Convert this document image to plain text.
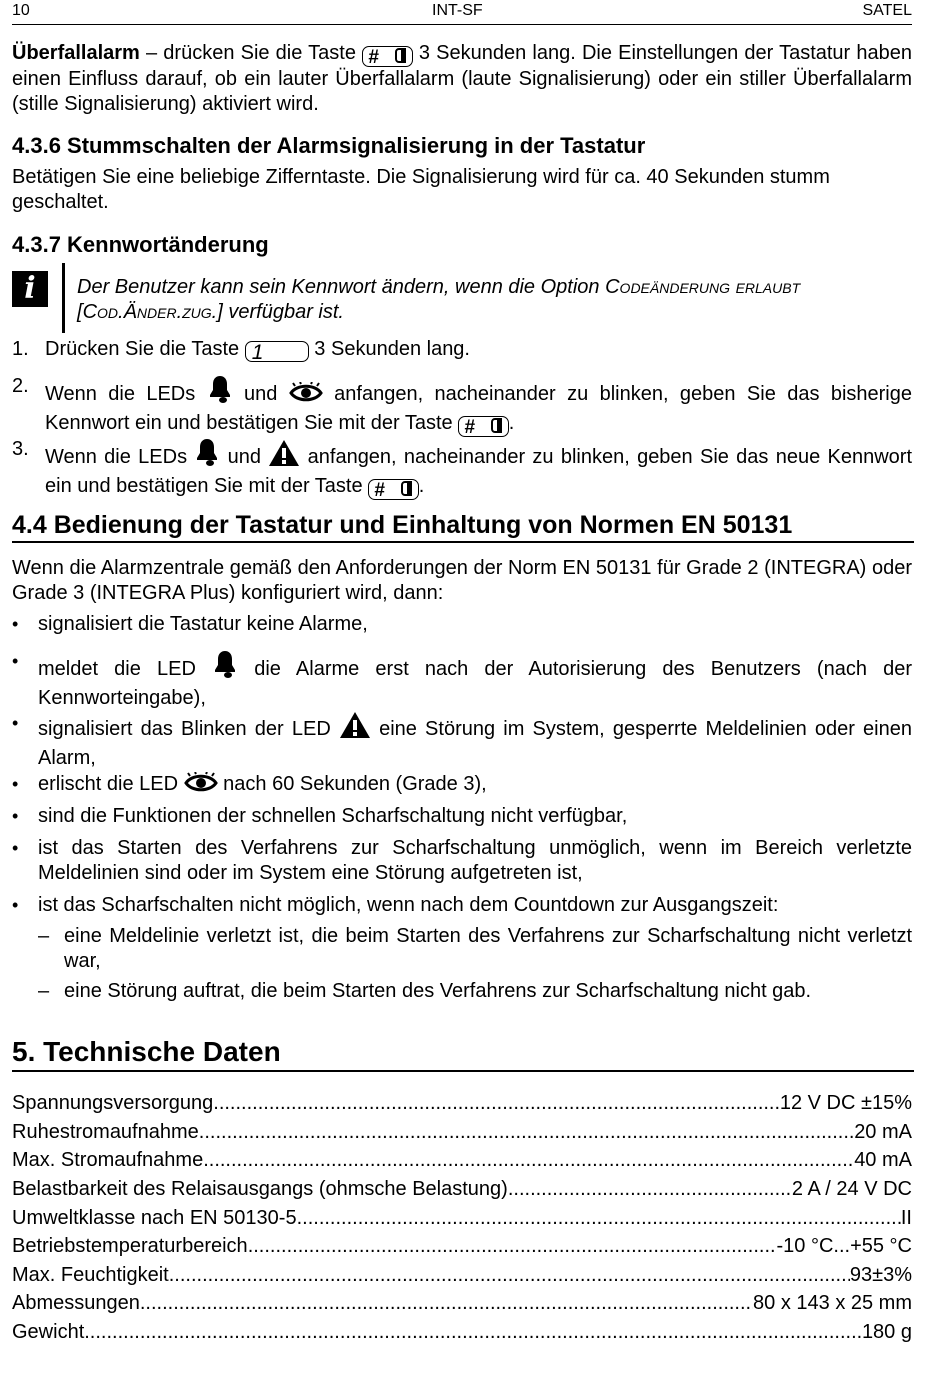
10	INT-SF	SATEL
Überfallalarm – drücken Sie die Taste # 3 Sekunden lang. Die Einstellungen der Tastatur haben einen Einfluss darauf, ob ein lauter Überfallalarm (laute Signalisierung) oder ein stiller Überfallalarm (stille Signalisierung) aktiviert wird.
4.3.6 Stummschalten der Alarmsignalisierung in der Tastatur
Betätigen Sie eine beliebige Zifferntaste. Die Signalisierung wird für ca. 40 Sekunden stumm geschaltet.
4.3.7 Kennwortänderung
i	Der Benutzer kann sein Kennwort ändern, wenn die Option Codeänderung erlaubt [Cod.Änder.zug.] verfügbar ist.
1. Drücken Sie die Taste 1 3 Sekunden lang.
2. Wenn die LEDs  und  anfangen, nacheinander zu blinken, geben Sie das bisherige Kennwort ein und bestätigen Sie mit der Taste # .
3. Wenn die LEDs  und  anfangen, nacheinander zu blinken, geben Sie das neue Kennwort ein und bestätigen Sie mit der Taste # .
4.4 Bedienung der Tastatur und Einhaltung von Normen EN 50131
Wenn die Alarmzentrale gemäß den Anforderungen der Norm EN 50131 für Grade 2 (INTEGRA) oder Grade 3 (INTEGRA Plus) konfiguriert wird, dann:
• signalisiert die Tastatur keine Alarme,
• meldet die LED  die Alarme erst nach der Autorisierung des Benutzers (nach der Kennworteingabe),
• signalisiert das Blinken der LED  eine Störung im System, gesperrte Meldelinien oder einen Alarm,
• erlischt die LED  nach 60 Sekunden (Grade 3),
• sind die Funktionen der schnellen Scharfschaltung nicht verfügbar,
• ist das Starten des Verfahrens zur Scharfschaltung unmöglich, wenn im Bereich verletzte Meldelinien sind oder im System eine Störung aufgetreten ist,
• ist das Scharfschalten nicht möglich, wenn nach dem Countdown zur Ausgangszeit:
– eine Meldelinie verletzt ist, die beim Starten des Verfahrens zur Scharfschaltung nicht verletzt war,
– eine Störung auftrat, die beim Starten des Verfahrens zur Scharfschaltung nicht gab.
5. Technische Daten
Spannungsversorgung .....	12 V DC ±15%
Ruhestromaufnahme .....	20 mA
Max. Stromaufnahme .....	40 mA
Belastbarkeit des Relaisausgangs (ohmsche Belastung) .....	2 A / 24 V DC
Umweltklasse nach EN 50130-5 .....	II
Betriebstemperaturbereich .....	-10 °C...+55 °C
Max. Feuchtigkeit .....	93±3%
Abmessungen .....	80 x 143 x 25 mm
Gewicht .....	180 g
